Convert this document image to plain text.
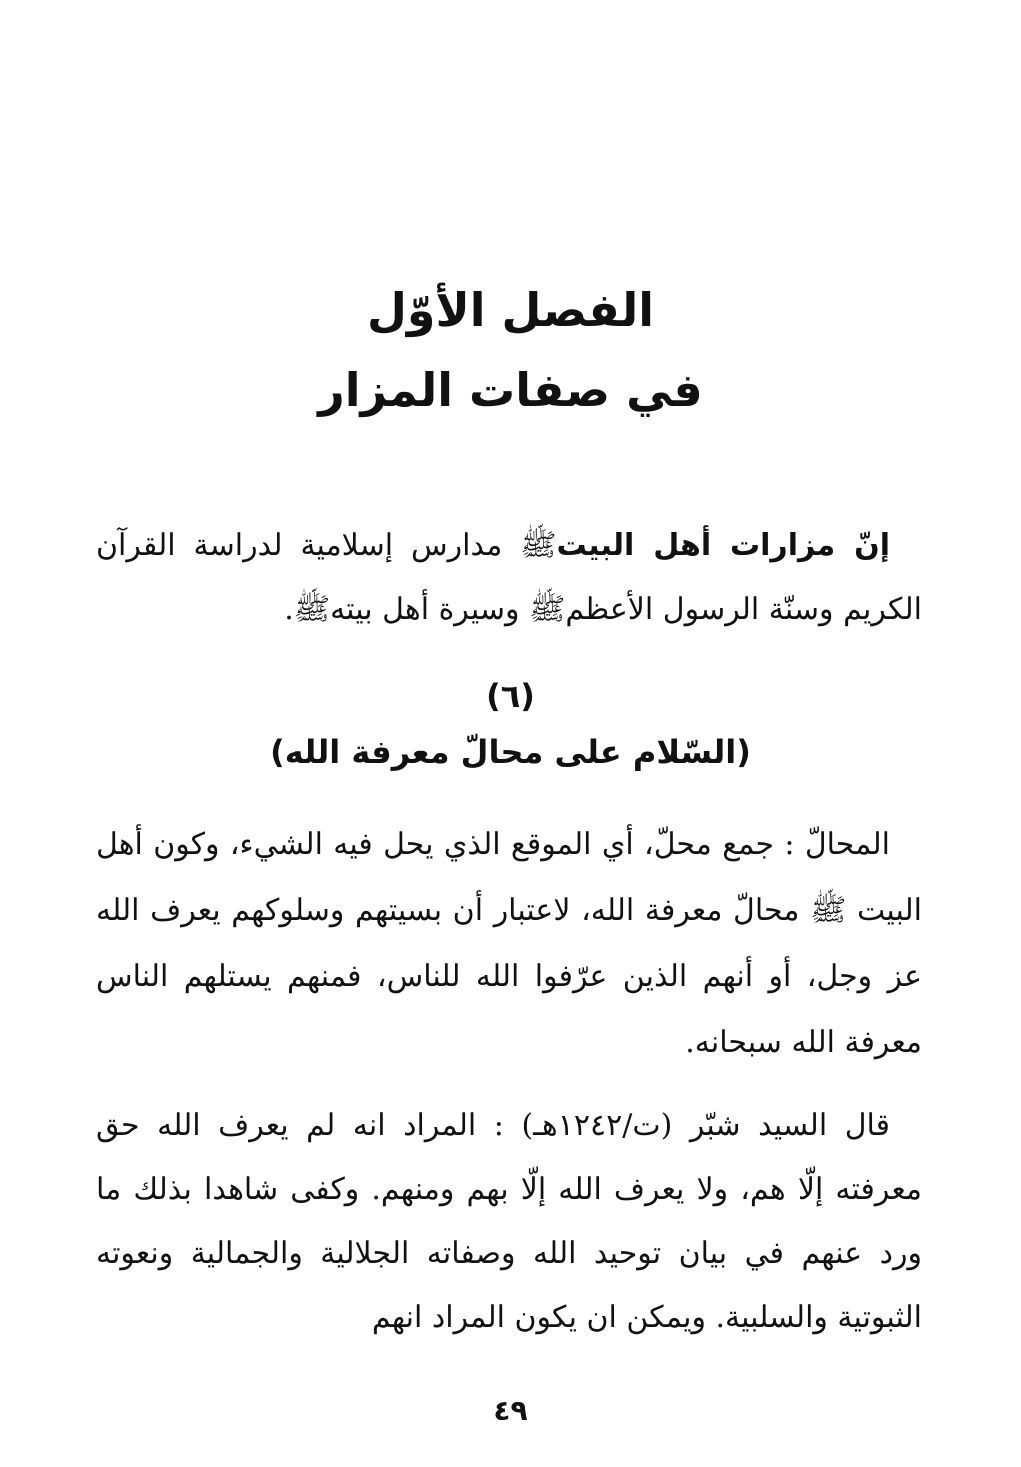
الفصل الأوّل
في صفات المزار
إنّ مزارات أهل البيتﷺ مدارس إسلامية لدراسة القرآن الكريم وسنّة الرسول الأعظمﷺ وسيرة أهل بيتهﷺ.
(٦)
(السّلام على محالّ معرفة الله)
المحالّ : جمع محلّ، أي الموقع الذي يحل فيه الشيء، وكون أهل البيت ﷺ محالّ معرفة الله، لاعتبار أن بسيتهم وسلوكهم يعرف الله عز وجل، أو أنهم الذين عرّفوا الله للناس، فمنهم يستلهم الناس معرفة الله سبحانه.
قال السيد شبّر (ت/١٢٤٢هـ) : المراد انه لم يعرف الله حق معرفته إلّا هم، ولا يعرف الله إلّا بهم ومنهم. وكفى شاهدا بذلك ما ورد عنهم في بيان توحيد الله وصفاته الجلالية والجمالية ونعوته الثبوتية والسلبية. ويمكن ان يكون المراد انهم
٤٩
